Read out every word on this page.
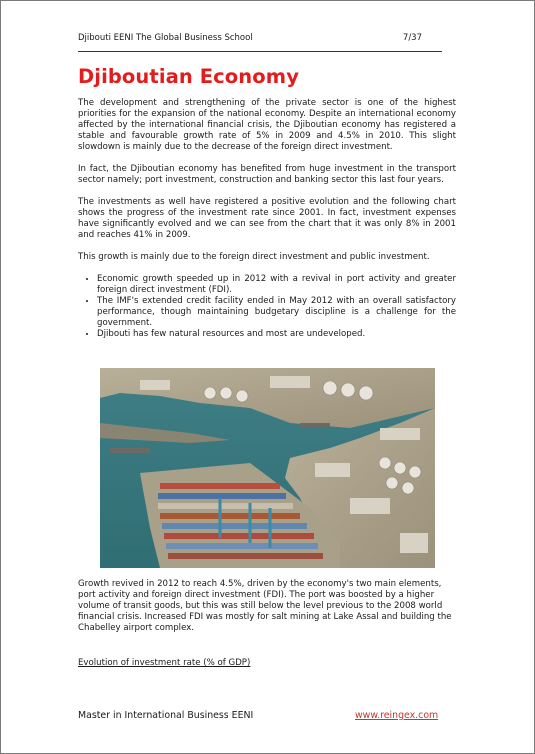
Djibouti EENI The Global Business School	7/37
Djiboutian Economy

The development and strengthening of the private sector is one of the highest priorities for the expansion of the national economy. Despite an international economy affected by the international financial crisis, the Djiboutian economy has registered a stable and favourable growth rate of 5% in 2009 and 4.5% in 2010. This slight slowdown is mainly due to the decrease of the foreign direct investment.

In fact, the Djiboutian economy has benefited from huge investment in the transport sector namely; port investment, construction and banking sector this last four years.

The investments as well have registered a positive evolution and the following chart shows the progress of the investment rate since 2001. In fact, investment expenses have significantly evolved and we can see from the chart that it was only 8% in 2001 and reaches 41% in 2009.

This growth is mainly due to the foreign direct investment and public investment.

• Economic growth speeded up in 2012 with a revival in port activity and greater foreign direct investment (FDI).
• The IMF's extended credit facility ended in May 2012 with an overall satisfactory performance, though maintaining budgetary discipline is a challenge for the government.
• Djibouti has few natural resources and most are undeveloped.

Growth revived in 2012 to reach 4.5%, driven by the economy's two main elements, port activity and foreign direct investment (FDI). The port was boosted by a higher volume of transit goods, but this was still below the level previous to the 2008 world financial crisis. Increased FDI was mostly for salt mining at Lake Assal and building the Chabelley airport complex.

Evolution of investment rate (% of GDP)
Master in International Business EENI	www.reingex.com
